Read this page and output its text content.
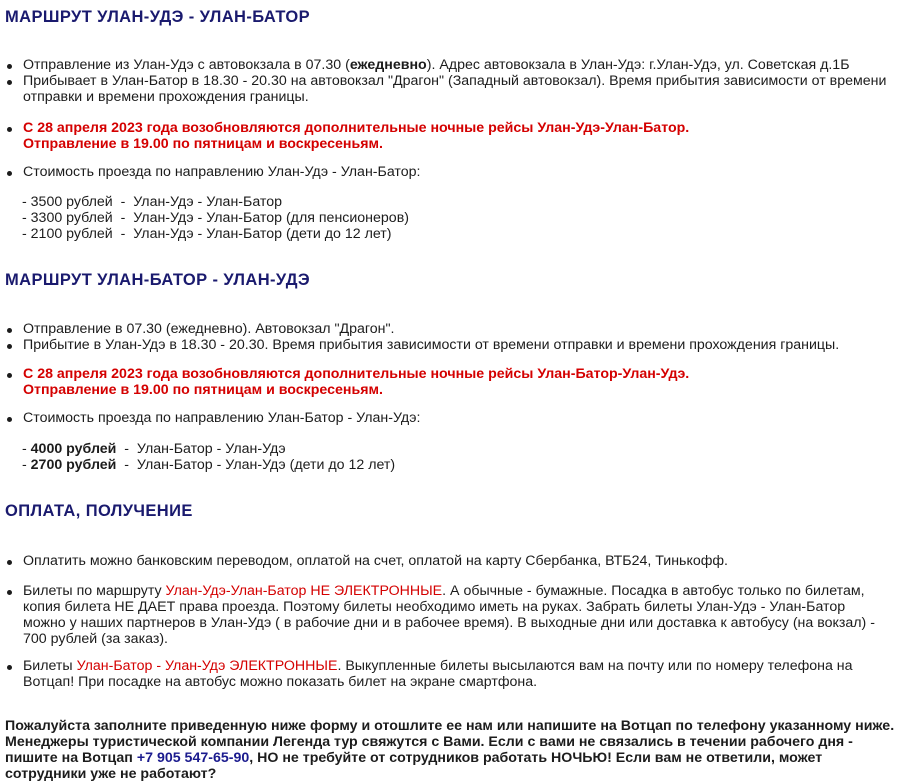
МАРШРУТ УЛАН-УДЭ - УЛАН-БАТОР
Отправление из Улан-Удэ с автовокзала в 07.30 (ежедневно). Адрес автовокзала в Улан-Удэ: г.Улан-Удэ, ул. Советская д.1Б
Прибывает в Улан-Батор в 18.30 - 20.30 на автовокзал "Драгон" (Западный автовокзал). Время прибытия зависимости от времени отправки и времени прохождения границы.
С 28 апреля 2023 года возобновляются дополнительные ночные рейсы Улан-Удэ-Улан-Батор.
Отправление в 19.00 по пятницам и воскресеньям.
Стоимость проезда по направлению Улан-Удэ - Улан-Батор:
- 3500 рублей  -  Улан-Удэ - Улан-Батор
- 3300 рублей  -  Улан-Удэ - Улан-Батор (для пенсионеров)
- 2100 рублей  -  Улан-Удэ - Улан-Батор (дети до 12 лет)
МАРШРУТ УЛАН-БАТОР - УЛАН-УДЭ
Отправление в 07.30 (ежедневно). Автовокзал "Драгон".
Прибытие в Улан-Удэ в 18.30 - 20.30. Время прибытия зависимости от времени отправки и времени прохождения границы.
С 28 апреля 2023 года возобновляются дополнительные ночные рейсы Улан-Батор-Улан-Удэ.
Отправление в 19.00 по пятницам и воскресеньям.
Стоимость проезда по направлению Улан-Батор - Улан-Удэ:
- 4000 рублей  -  Улан-Батор - Улан-Удэ
- 2700 рублей  -  Улан-Батор - Улан-Удэ (дети до 12 лет)
ОПЛАТА, ПОЛУЧЕНИЕ
Оплатить можно банковским переводом, оплатой на счет, оплатой на карту Сбербанка, ВТБ24, Тинькофф.
Билеты по маршруту Улан-Удэ-Улан-Батор НЕ ЭЛЕКТРОННЫЕ. А обычные - бумажные. Посадка в автобус только по билетам, копия билета НЕ ДАЕТ права проезда. Поэтому билеты необходимо иметь на руках. Забрать билеты Улан-Удэ - Улан-Батор можно у наших партнеров в Улан-Удэ ( в рабочие дни и в рабочее время). В выходные дни или доставка к автобусу (на вокзал) - 700 рублей (за заказ).
Билеты Улан-Батор - Улан-Удэ ЭЛЕКТРОННЫЕ. Выкупленные билеты высылаются вам на почту или по номеру телефона на Вотцап! При посадке на автобус можно показать билет на экране смартфона.
Пожалуйста заполните приведенную ниже форму и отошлите ее нам или напишите на Вотцап по телефону указанному ниже. Менеджеры туристической компании Легенда тур свяжутся с Вами. Если с вами не связались в течении рабочего дня - пишите на Вотцап +7 905 547-65-90, НО не требуйте от сотрудников работать НОЧЬЮ! Если вам не ответили, может сотрудники уже не работают?
